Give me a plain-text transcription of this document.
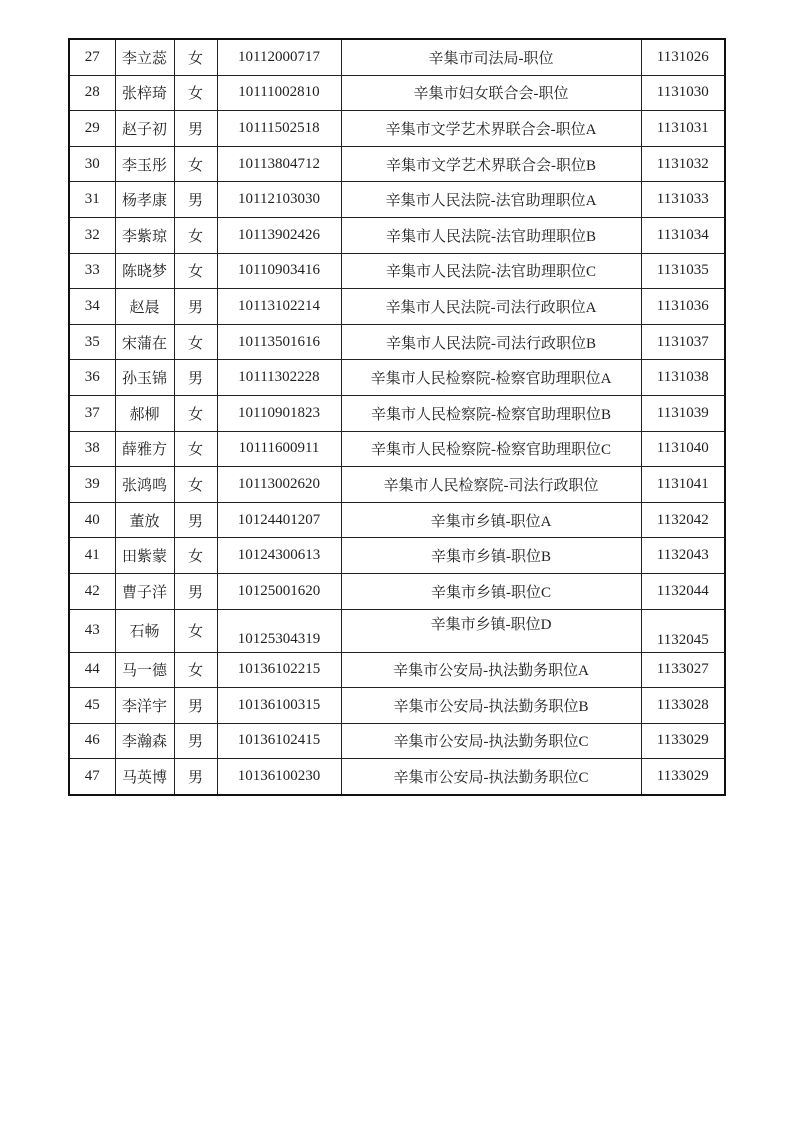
27	李立蕊	女	10112000717	辛集市司法局-职位	1131026
28	张梓琦	女	10111002810	辛集市妇女联合会-职位	1131030
29	赵子初	男	10111502518	辛集市文学艺术界联合会-职位A	1131031
30	李玉彤	女	10113804712	辛集市文学艺术界联合会-职位B	1131032
31	杨孝康	男	10112103030	辛集市人民法院-法官助理职位A	1131033
32	李紫琼	女	10113902426	辛集市人民法院-法官助理职位B	1131034
33	陈晓梦	女	10110903416	辛集市人民法院-法官助理职位C	1131035
34	赵晨	男	10113102214	辛集市人民法院-司法行政职位A	1131036
35	宋蒲在	女	10113501616	辛集市人民法院-司法行政职位B	1131037
36	孙玉锦	男	10111302228	辛集市人民检察院-检察官助理职位A	1131038
37	郝柳	女	10110901823	辛集市人民检察院-检察官助理职位B	1131039
38	薛雅方	女	10111600911	辛集市人民检察院-检察官助理职位C	1131040
39	张鸿鸣	女	10113002620	辛集市人民检察院-司法行政职位	1131041
40	董放	男	10124401207	辛集市乡镇-职位A	1132042
41	田紫蒙	女	10124300613	辛集市乡镇-职位B	1132043
42	曹子洋	男	10125001620	辛集市乡镇-职位C	1132044
43	石畅	女	10125304319	辛集市乡镇-职位D	1132045
44	马一德	女	10136102215	辛集市公安局-执法勤务职位A	1133027
45	李洋宇	男	10136100315	辛集市公安局-执法勤务职位B	1133028
46	李瀚森	男	10136102415	辛集市公安局-执法勤务职位C	1133029
47	马英博	男	10136100230	辛集市公安局-执法勤务职位C	1133029
